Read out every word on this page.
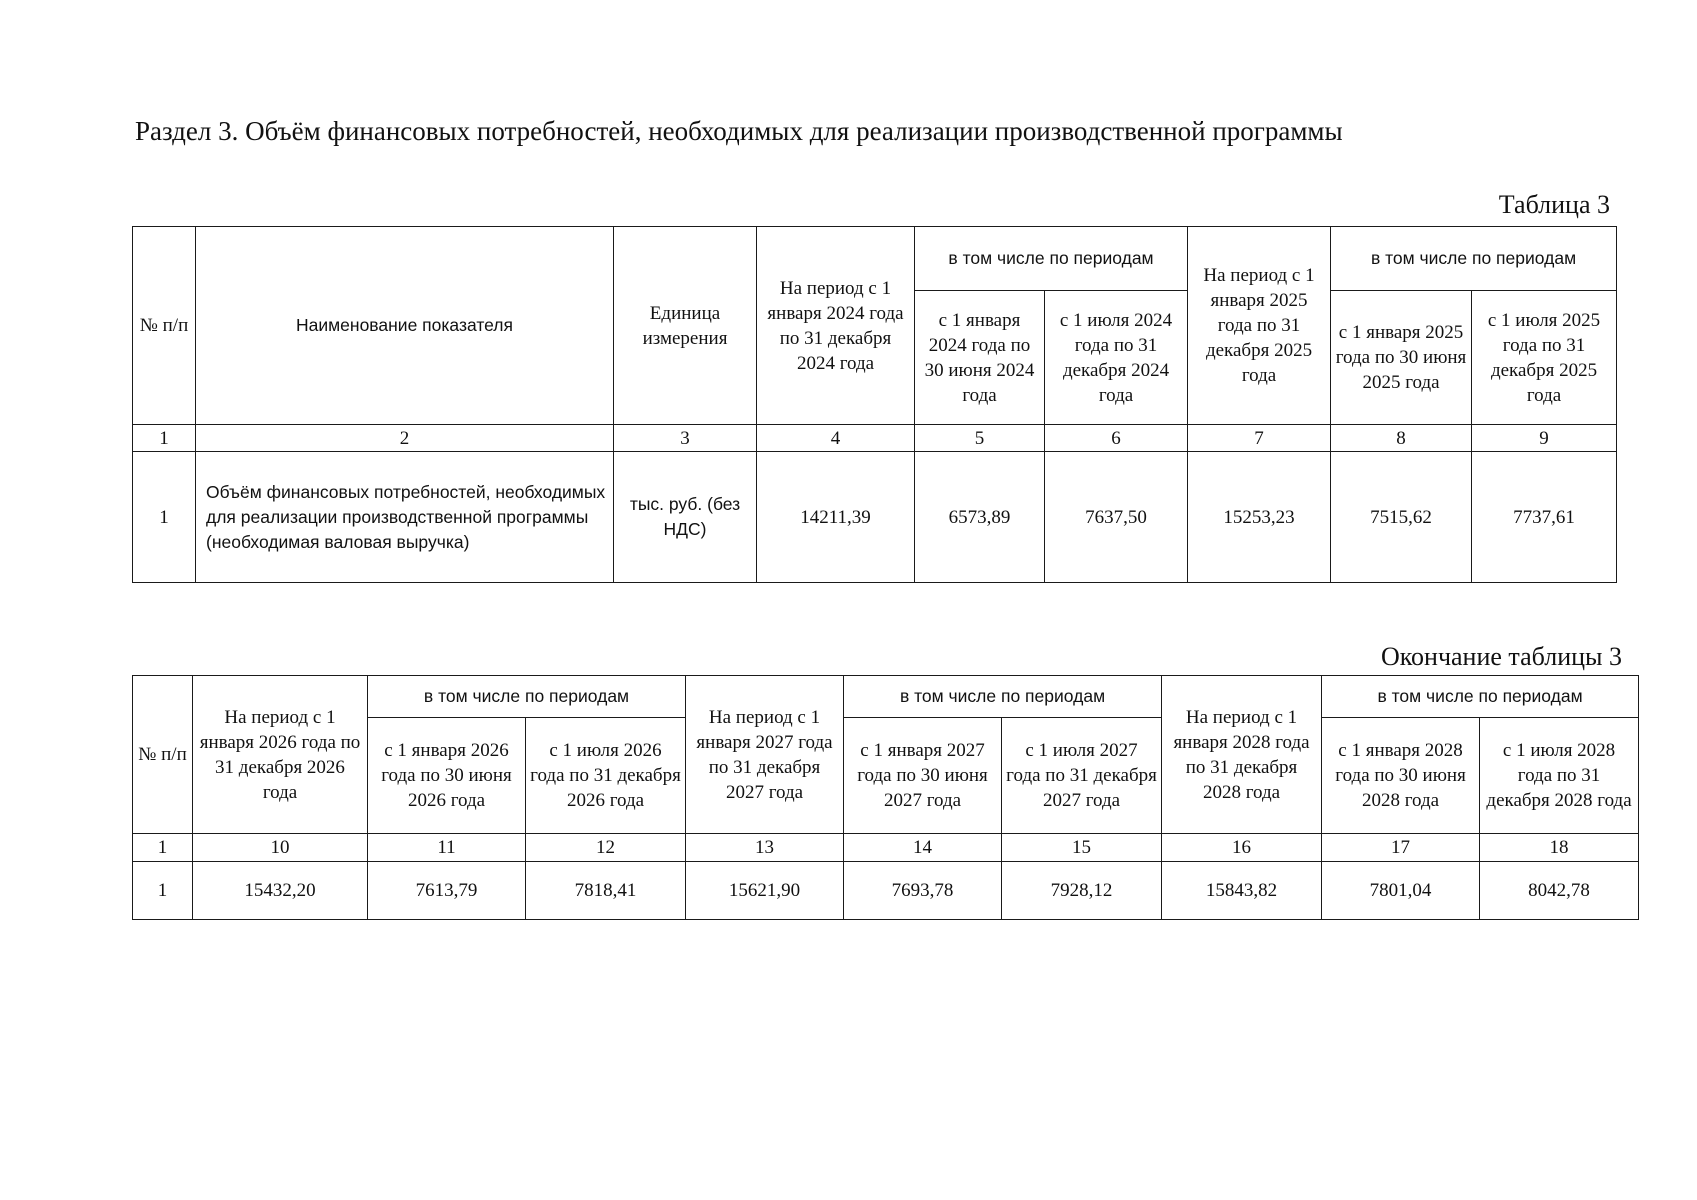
Раздел 3. Объём финансовых потребностей, необходимых для реализации производственной программы
Таблица 3
№ п/п	Наименование показателя	Единица измерения	На период с 1 января 2024 года по 31 декабря 2024 года	в том числе по периодам		На период с 1 января 2025 года по 31 декабря 2025 года	в том числе по периодам	
				с 1 января 2024 года по 30 июня 2024 года	с 1 июля 2024 года по 31 декабря 2024 года		с 1 января 2025 года по 30 июня 2025 года	с 1 июля 2025 года по 31 декабря 2025 года
1	2	3	4	5	6	7	8	9
1	Объём финансовых потребностей, необходимых для реализации производственной программы (необходимая валовая выручка)	тыс. руб. (без НДС)	14211,39	6573,89	7637,50	15253,23	7515,62	7737,61
Окончание таблицы 3
№ п/п	На период с 1 января 2026 года по 31 декабря 2026 года	в том числе по периодам		На период с 1 января 2027 года по 31 декабря 2027 года	в том числе по периодам		На период с 1 января 2028 года по 31 декабря 2028 года	в том числе по периодам	
		с 1 января 2026 года по 30 июня 2026 года	с 1 июля 2026 года по 31 декабря 2026 года		с 1 января 2027 года по 30 июня 2027 года	с 1 июля 2027 года по 31 декабря 2027 года		с 1 января 2028 года по 30 июня 2028 года	с 1 июля 2028 года по 31 декабря 2028 года
1	10	11	12	13	14	15	16	17	18
1	15432,20	7613,79	7818,41	15621,90	7693,78	7928,12	15843,82	7801,04	8042,78
